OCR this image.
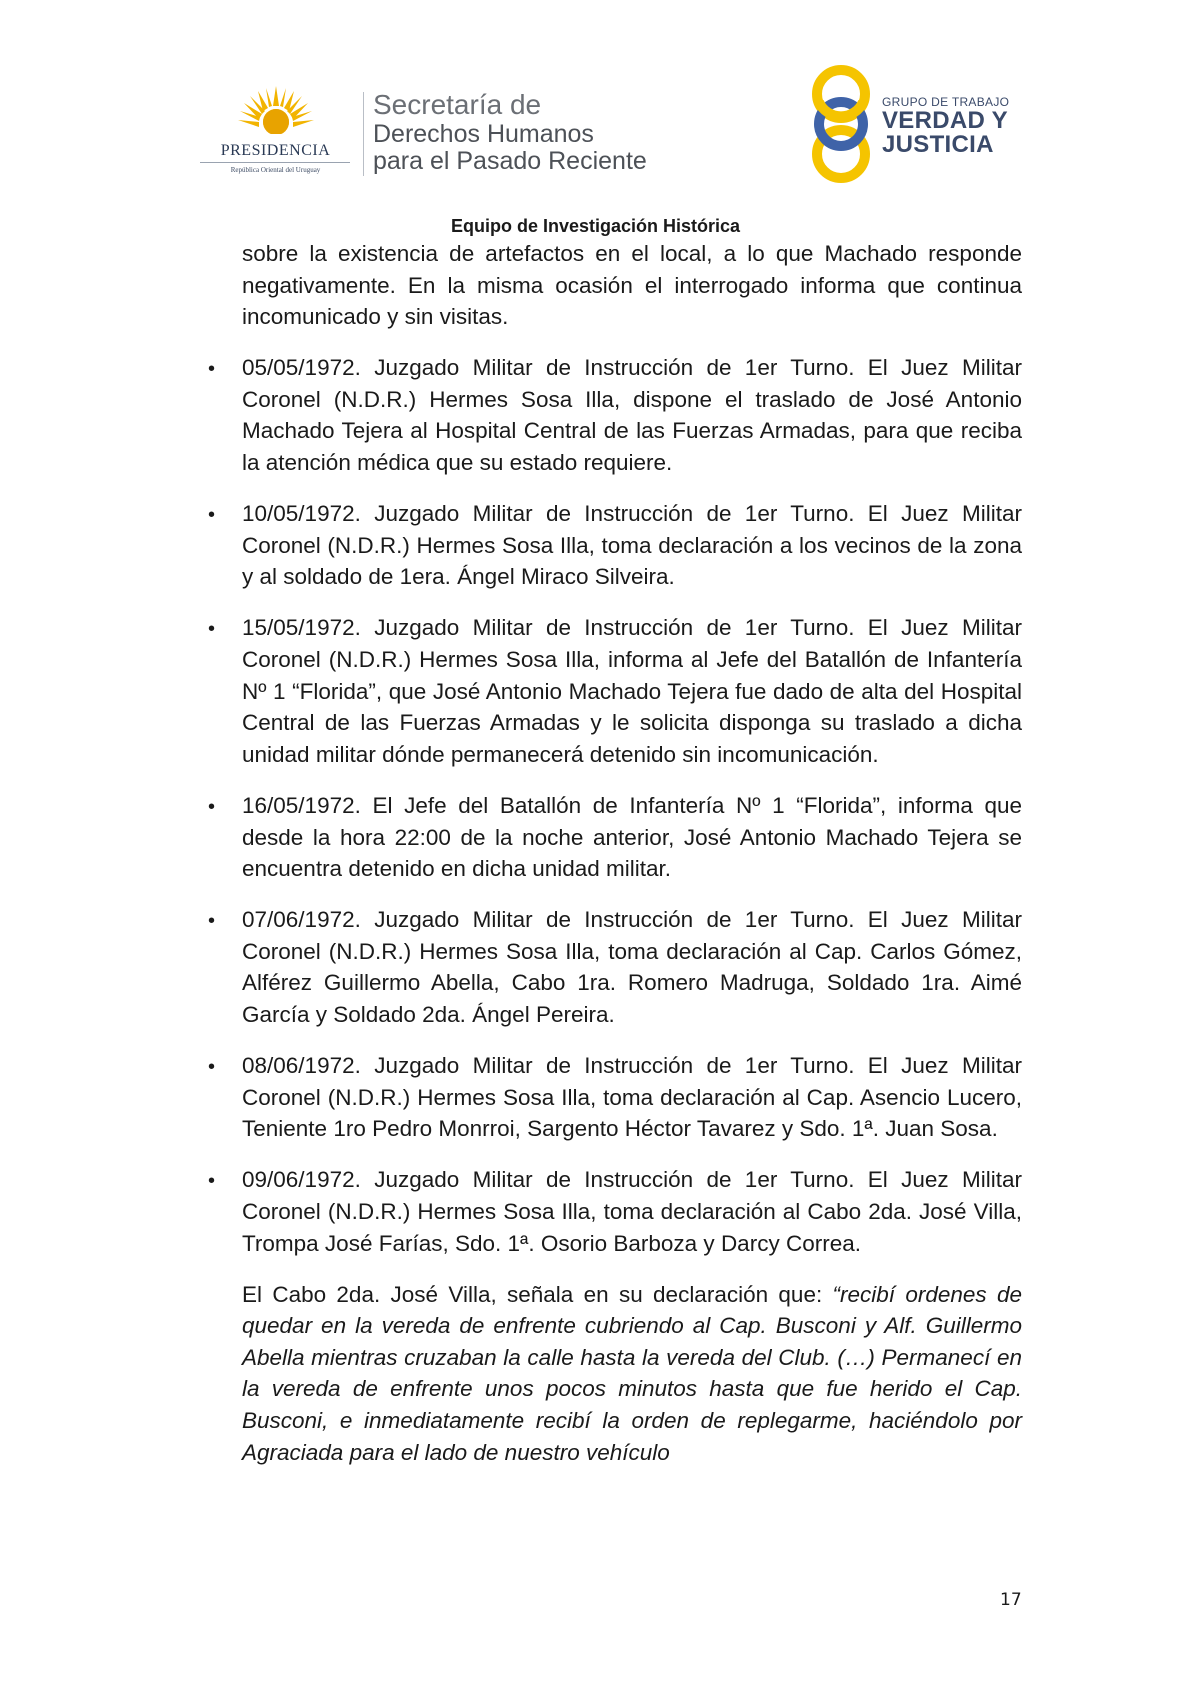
PRESIDENCIA
República Oriental del Uruguay
Secretaría de
Derechos Humanos
para el Pasado Reciente
GRUPO DE TRABAJO
VERDAD Y
JUSTICIA
Equipo de Investigación Histórica

sobre la existencia de artefactos en el local, a lo que Machado responde negativamente. En la misma ocasión el interrogado informa que continua incomunicado y sin visitas.

•
05/05/1972. Juzgado Militar de Instrucción de 1er Turno. El Juez Militar Coronel (N.D.R.) Hermes Sosa Illa, dispone el traslado de José Antonio Machado Tejera al Hospital Central de las Fuerzas Armadas, para que reciba la atención médica que su estado requiere.
•
10/05/1972. Juzgado Militar de Instrucción de 1er Turno. El Juez Militar Coronel (N.D.R.) Hermes Sosa Illa, toma declaración a los vecinos de la zona y al soldado de 1era. Ángel Miraco Silveira.
•
15/05/1972. Juzgado Militar de Instrucción de 1er Turno. El Juez Militar Coronel (N.D.R.) Hermes Sosa Illa, informa al Jefe del Batallón de Infantería Nº 1 “Florida”, que José Antonio Machado Tejera fue dado de alta del Hospital Central de las Fuerzas Armadas y le solicita disponga su traslado a dicha unidad militar dónde permanecerá detenido sin incomunicación.
•
16/05/1972. El Jefe del Batallón de Infantería Nº 1 “Florida”, informa que desde la hora 22:00 de la noche anterior, José Antonio Machado Tejera se encuentra detenido en dicha unidad militar.
•
07/06/1972. Juzgado Militar de Instrucción de 1er Turno. El Juez Militar Coronel (N.D.R.) Hermes Sosa Illa, toma declaración al Cap. Carlos Gómez, Alférez Guillermo Abella, Cabo 1ra. Romero Madruga, Soldado 1ra. Aimé García y Soldado 2da. Ángel Pereira.
•
08/06/1972. Juzgado Militar de Instrucción de 1er Turno. El Juez Militar Coronel (N.D.R.) Hermes Sosa Illa, toma declaración al Cap. Asencio Lucero, Teniente 1ro Pedro Monrroi, Sargento Héctor Tavarez y Sdo. 1ª. Juan Sosa.
•
09/06/1972. Juzgado Militar de Instrucción de 1er Turno. El Juez Militar Coronel (N.D.R.) Hermes Sosa Illa, toma declaración al Cabo 2da. José Villa, Trompa José Farías, Sdo. 1ª. Osorio Barboza y Darcy Correa.

El Cabo 2da. José Villa, señala en su declaración que: “recibí ordenes de quedar en la vereda de enfrente cubriendo al Cap. Busconi y Alf. Guillermo Abella mientras cruzaban la calle hasta la vereda del Club. (…) Permanecí en la vereda de enfrente unos pocos minutos hasta que fue herido el Cap. Busconi, e inmediatamente recibí la orden de replegarme, haciéndolo por Agraciada para el lado de nuestro vehículo

17
